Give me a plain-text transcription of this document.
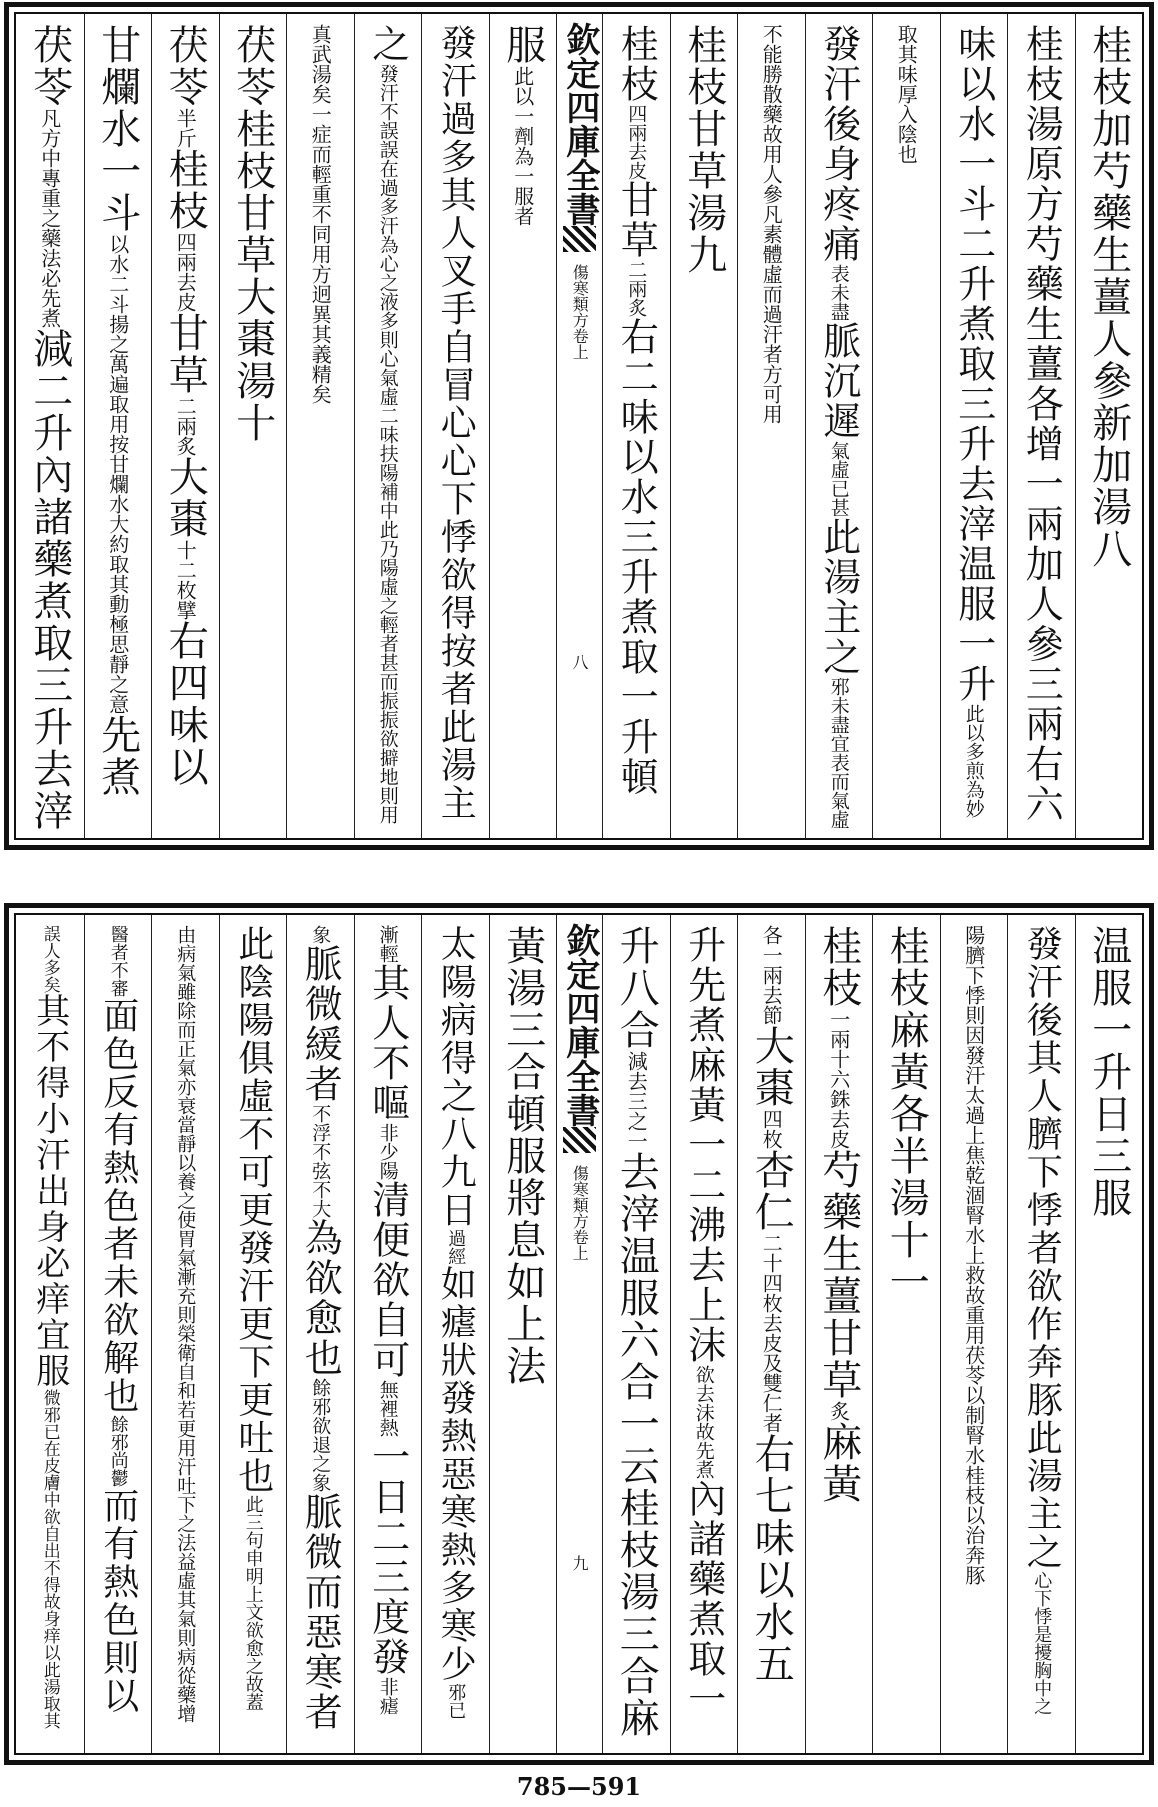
桂枝加芍藥生薑人參新加湯八
桂枝湯原方芍藥生薑各增一兩加人參三兩右六
味以水一斗二升煮取三升去滓温服一升此以多煎為妙
取其味厚入陰也
發汗後身疼痛表未盡脈沉遲氣虛已甚此湯主之邪未盡宜表而氣虛
不能勝散藥故用人參凡素體虛而過汗者方可用
桂枝甘草湯九
桂枝四兩去皮甘草二兩炙右二味以水三升煮取一升頓
欽定四庫全書
傷寒類方卷上
八
服此以一劑為一服者
發汗過多其人叉手自冒心心下悸欲得按者此湯主
之發汗不誤誤在過多汗為心之液多則心氣虛二味扶陽補中此乃陽虛之輕者甚而振振欲擗地則用
真武湯矣一症而輕重不同用方迥異其義精矣
茯苓桂枝甘草大棗湯十
茯苓半斤桂枝四兩去皮甘草二兩炙大棗十二枚擘右四味以
甘爛水一斗以水二斗揚之萬遍取用按甘爛水大約取其動極思靜之意先煮
茯苓凡方中專重之藥法必先煮減二升內諸藥煮取三升去滓
温服一升日三服
發汗後其人臍下悸者欲作奔豚此湯主之心下悸是擾胸中之
陽臍下悸則因發汗太過上焦乾涸腎水上救故重用茯苓以制腎水桂枝以治奔豚
桂枝麻黃各半湯十一
桂枝一兩十六銖去皮芍藥生薑甘草炙麻黃
各一兩去節大棗四枚杏仁二十四枚去皮及雙仁者右七味以水五
升先煮麻黃一二沸去上沫欲去沫故先煮內諸藥煮取一
升八合減去三之一去滓温服六合一云桂枝湯三合麻
欽定四庫全書
傷寒類方卷上
九
黃湯三合頓服將息如上法
太陽病得之八九日過經如瘧狀發熱惡寒熱多寒少邪已
漸輕其人不嘔非少陽清便欲自可無裡熱一日二三度發非瘧
象脈微緩者不浮不弦不大為欲愈也餘邪欲退之象脈微而惡寒者
此陰陽俱虛不可更發汗更下更吐也此三句申明上文欲愈之故蓋
由病氣雖除而正氣亦衰當靜以養之使胃氣漸充則榮衛自和若更用汗吐下之法益虛其氣則病從藥增
醫者不審面色反有熱色者未欲解也餘邪尚鬱而有熱色則以
誤人多矣其不得小汗出身必痒宜服微邪已在皮膚中欲自出不得故身痒以此湯取其
785—591
